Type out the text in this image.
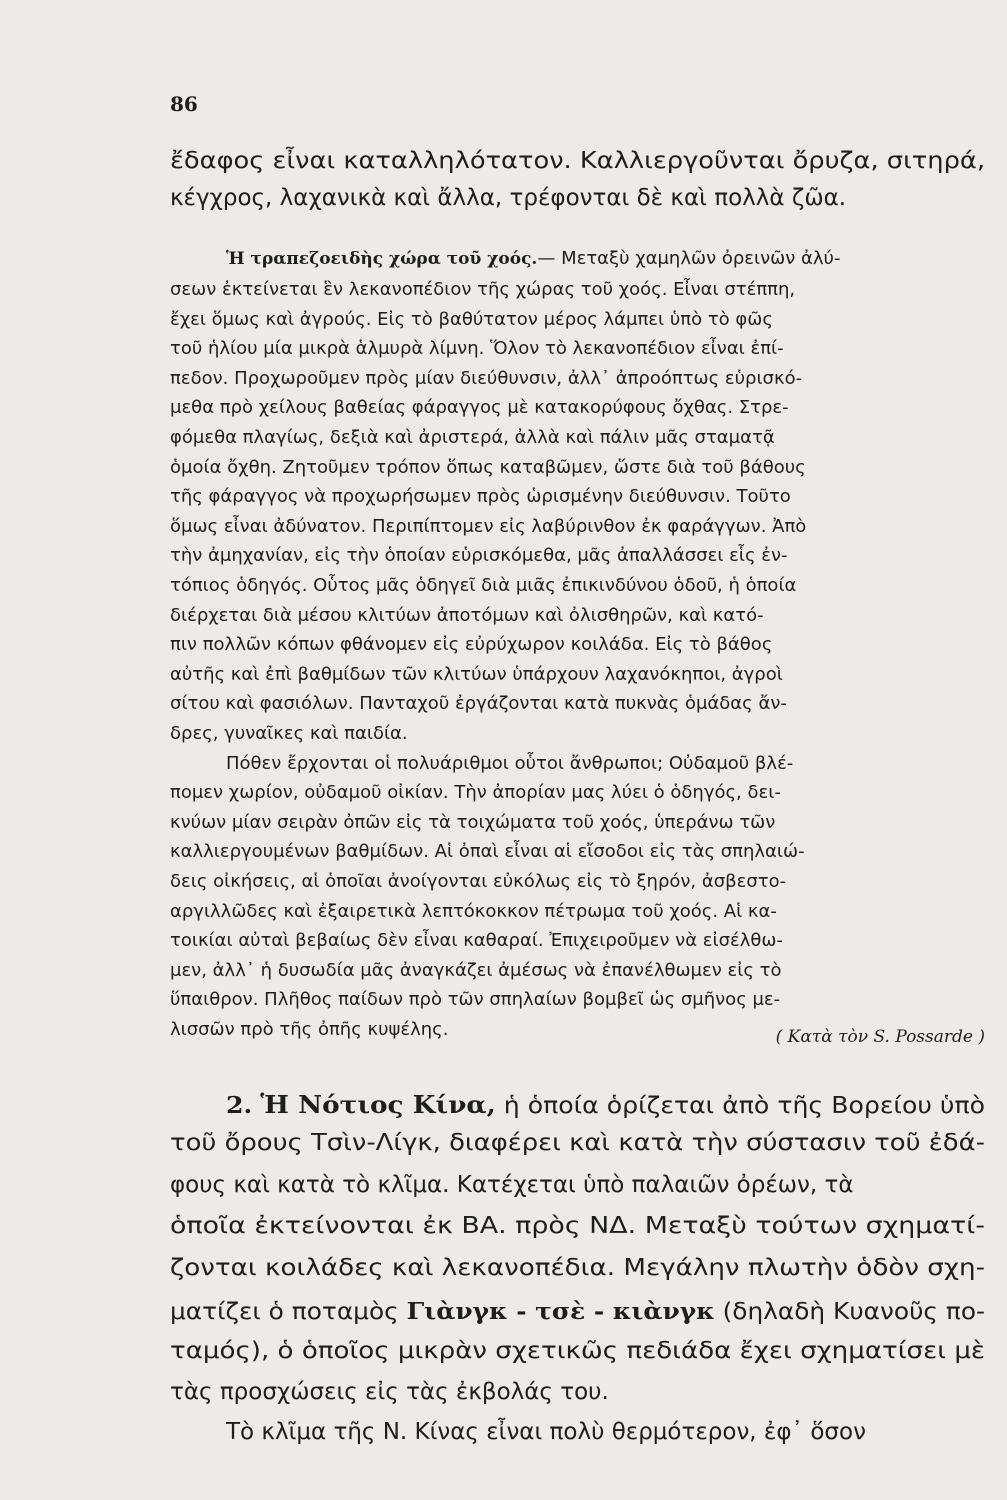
86
ἔδαφος εἶναι καταλληλότατον. Καλλιεργοῦνται ὄρυζα, σιτηρά,
κέγχρος, λαχανικὰ καὶ ἄλλα, τρέφονται δὲ καὶ πολλὰ ζῶα.
Ἡ τραπεζοειδὴς χώρα τοῦ χοός.— Μεταξὺ χαμηλῶν ὀρεινῶν ἀλύ-
σεων ἐκτείνεται ἓν λεκανοπέδιον τῆς χώρας τοῦ χοός. Εἶναι στέππη,
ἔχει ὅμως καὶ ἀγρούς. Εἰς τὸ βαθύτατον μέρος λάμπει ὑπὸ τὸ φῶς
τοῦ ἡλίου μία μικρὰ ἁλμυρὰ λίμνη. Ὅλον τὸ λεκανοπέδιον εἶναι ἐπί-
πεδον. Προχωροῦμεν πρὸς μίαν διεύθυνσιν, ἀλλ᾽ ἀπροόπτως εὑρισκό-
μεθα πρὸ χείλους βαθείας φάραγγος μὲ κατακορύφους ὄχθας. Στρε-
φόμεθα πλαγίως, δεξιὰ καὶ ἀριστερά, ἀλλὰ καὶ πάλιν μᾶς σταματᾷ
ὁμοία ὄχθη. Ζητοῦμεν τρόπον ὅπως καταβῶμεν, ὥστε διὰ τοῦ βάθους
τῆς φάραγγος νὰ προχωρήσωμεν πρὸς ὡρισμένην διεύθυνσιν. Τοῦτο
ὅμως εἶναι ἀδύνατον. Περιπίπτομεν εἰς λαβύρινθον ἐκ φαράγγων. Ἀπὸ
τὴν ἀμηχανίαν, εἰς τὴν ὁποίαν εὑρισκόμεθα, μᾶς ἀπαλλάσσει εἷς ἐν-
τόπιος ὁδηγός. Οὗτος μᾶς ὁδηγεῖ διὰ μιᾶς ἐπικινδύνου ὁδοῦ, ἡ ὁποία
διέρχεται διὰ μέσου κλιτύων ἀποτόμων καὶ ὀλισθηρῶν, καὶ κατό-
πιν πολλῶν κόπων φθάνομεν εἰς εὐρύχωρον κοιλάδα. Εἰς τὸ βάθος
αὐτῆς καὶ ἐπὶ βαθμίδων τῶν κλιτύων ὑπάρχουν λαχανόκηποι, ἀγροὶ
σίτου καὶ φασιόλων. Πανταχοῦ ἐργάζονται κατὰ πυκνὰς ὁμάδας ἄν-
δρες, γυναῖκες καὶ παιδία.
Πόθεν ἔρχονται οἱ πολυάριθμοι οὗτοι ἄνθρωποι; Οὐδαμοῦ βλέ-
πομεν χωρίον, οὐδαμοῦ οἰκίαν. Τὴν ἀπορίαν μας λύει ὁ ὁδηγός, δει-
κνύων μίαν σειρὰν ὀπῶν εἰς τὰ τοιχώματα τοῦ χοός, ὑπεράνω τῶν
καλλιεργουμένων βαθμίδων. Αἱ ὀπαὶ εἶναι αἱ εἴσοδοι εἰς τὰς σπηλαιώ-
δεις οἰκήσεις, αἱ ὁποῖαι ἀνοίγονται εὐκόλως εἰς τὸ ξηρόν, ἀσβεστο-
αργιλλῶδες καὶ ἐξαιρετικὰ λεπτόκοκκον πέτρωμα τοῦ χοός. Αἱ κα-
τοικίαι αὐταὶ βεβαίως δὲν εἶναι καθαραί. Ἐπιχειροῦμεν νὰ εἰσέλθω-
μεν, ἀλλ᾽ ἡ δυσωδία μᾶς ἀναγκάζει ἀμέσως νὰ ἐπανέλθωμεν εἰς τὸ
ὕπαιθρον. Πλῆθος παίδων πρὸ τῶν σπηλαίων βομβεῖ ὡς σμῆνος με-
λισσῶν πρὸ τῆς ὀπῆς κυψέλης.	( Κατὰ τὸν S. Possarde )
2. Ἡ Νότιος Κίνα, ἡ ὁποία ὁρίζεται ἀπὸ τῆς Βορείου ὑπὸ
τοῦ ὄρους Τσὶν-Λίγκ, διαφέρει καὶ κατὰ τὴν σύστασιν τοῦ ἐδά-
φους καὶ κατὰ τὸ κλῖμα. Κατέχεται ὑπὸ παλαιῶν ὀρέων, τὰ
ὁποῖα ἐκτείνονται ἐκ ΒΑ. πρὸς ΝΔ. Μεταξὺ τούτων σχηματί-
ζονται κοιλάδες καὶ λεκανοπέδια. Μεγάλην πλωτὴν ὁδὸν σχη-
ματίζει ὁ ποταμὸς Γιὰνγκ - τσὲ - κιὰνγκ (δηλαδὴ Κυανοῦς πο-
ταμός), ὁ ὁποῖος μικρὰν σχετικῶς πεδιάδα ἔχει σχηματίσει μὲ
τὰς προσχώσεις εἰς τὰς ἐκβολάς του.
Τὸ κλῖμα τῆς Ν. Κίνας εἶναι πολὺ θερμότερον, ἐφ᾽ ὅσον
